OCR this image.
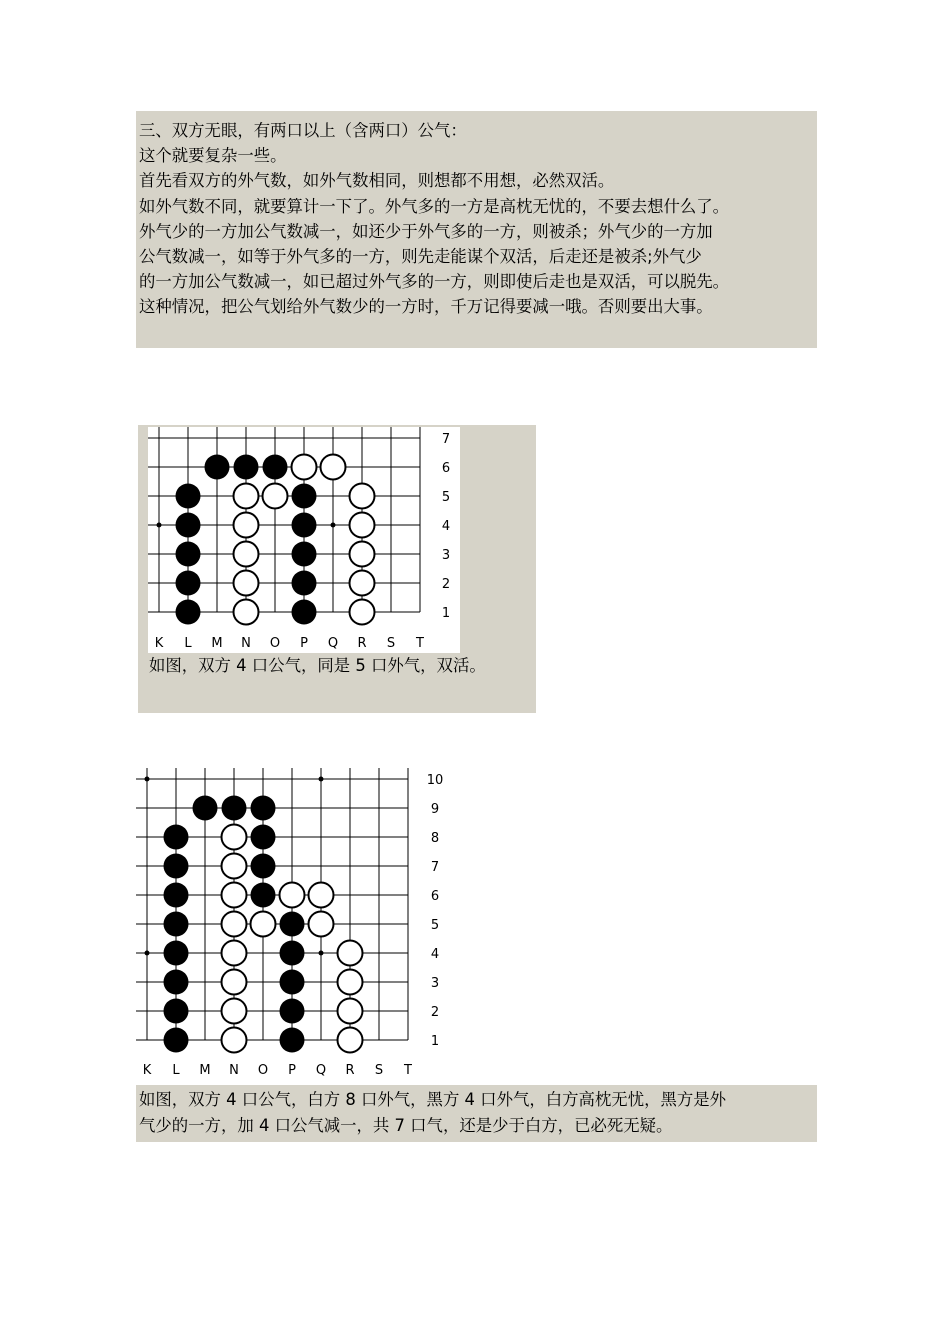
三、双方无眼，有两口以上（含两口）公气：
这个就要复杂一些。
首先看双方的外气数，如外气数相同，则想都不用想，必然双活。
如外气数不同，就要算计一下了。外气多的一方是高枕无忧的，不要去想什么了。
外气少的一方加公气数减一，如还少于外气多的一方，则被杀；外气少的一方加
公气数减一，如等于外气多的一方，则先走能谋个双活，后走还是被杀;外气少
的一方加公气数减一，如已超过外气多的一方，则即使后走也是双活，可以脱先。
这种情况，把公气划给外气数少的一方时，千万记得要减一哦。否则要出大事。
K L M N O P Q R S T
7
6
5
4
3
2
1
如图，双方 4 口公气，同是 5 口外气，双活。
K L M N O P Q R S T
10
9
8
7
6
5
4
3
2
1
如图，双方 4 口公气，白方 8 口外气，黑方 4 口外气，白方高枕无忧，黑方是外
气少的一方，加 4 口公气减一，共 7 口气，还是少于白方，已必死无疑。
